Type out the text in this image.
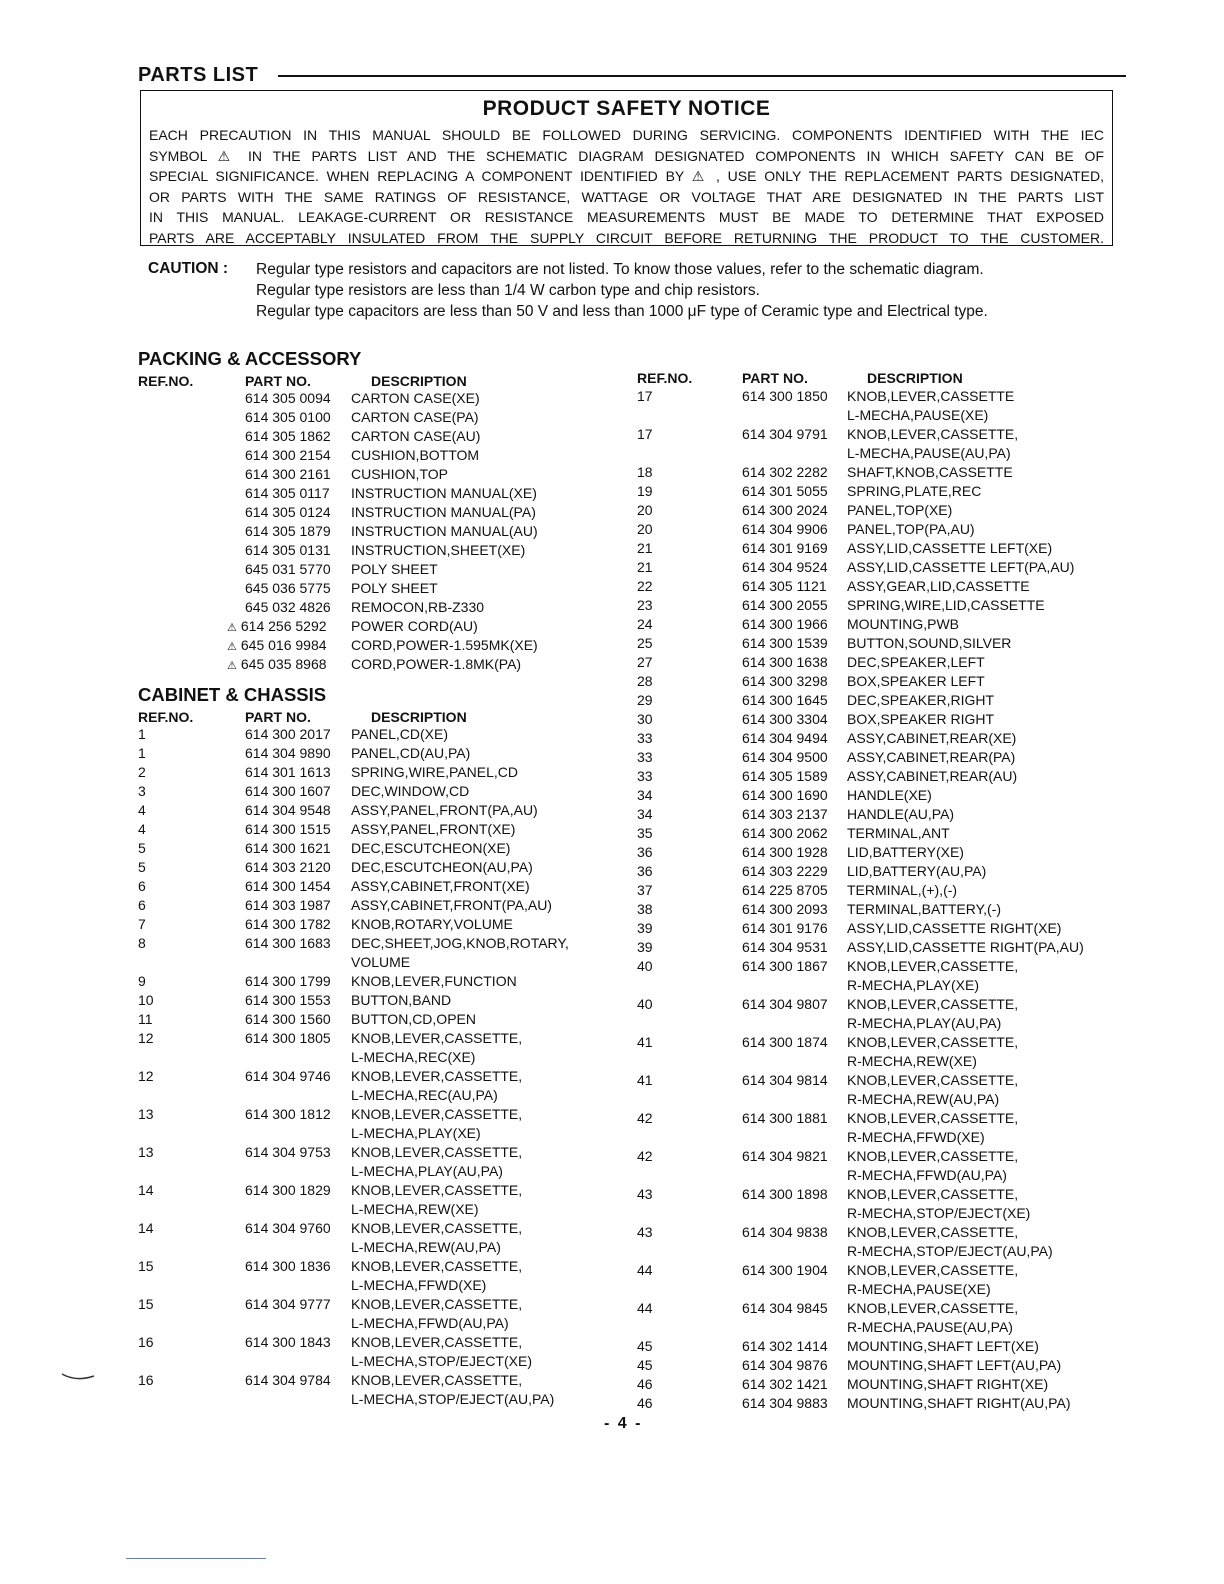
PARTS LIST
PRODUCT SAFETY NOTICE
EACH PRECAUTION IN THIS MANUAL SHOULD BE FOLLOWED DURING SERVICING. COMPONENTS IDENTIFIED WITH THE IEC
SYMBOL ⚠ IN THE PARTS LIST AND THE SCHEMATIC DIAGRAM DESIGNATED COMPONENTS IN WHICH SAFETY CAN BE OF
SPECIAL SIGNIFICANCE. WHEN REPLACING A COMPONENT IDENTIFIED BY ⚠ , USE ONLY THE REPLACEMENT PARTS DESIGNATED,
OR PARTS WITH THE SAME RATINGS OF RESISTANCE, WATTAGE OR VOLTAGE THAT ARE DESIGNATED IN THE PARTS LIST
IN THIS MANUAL. LEAKAGE-CURRENT OR RESISTANCE MEASUREMENTS MUST BE MADE TO DETERMINE THAT EXPOSED
PARTS ARE ACCEPTABLY INSULATED FROM THE SUPPLY CIRCUIT BEFORE RETURNING THE PRODUCT TO THE CUSTOMER.
CAUTION :	Regular type resistors and capacitors are not listed. To know those values, refer to the schematic diagram.
Regular type resistors are less than 1/4 W carbon type and chip resistors.
Regular type capacitors are less than 50 V and less than 1000 μF type of Ceramic type and Electrical type.
PACKING & ACCESSORY
REF.NO.	PART NO.	DESCRIPTION
614 305 0094 CARTON CASE(XE)
614 305 0100 CARTON CASE(PA)
614 305 1862 CARTON CASE(AU)
614 300 2154 CUSHION,BOTTOM
614 300 2161 CUSHION,TOP
614 305 0117 INSTRUCTION MANUAL(XE)
614 305 0124 INSTRUCTION MANUAL(PA)
614 305 1879 INSTRUCTION MANUAL(AU)
614 305 0131 INSTRUCTION,SHEET(XE)
645 031 5770 POLY SHEET
645 036 5775 POLY SHEET
645 032 4826 REMOCON,RB-Z330
⚠ 614 256 5292 POWER CORD(AU)
⚠ 645 016 9984 CORD,POWER-1.595MK(XE)
⚠ 645 035 8968 CORD,POWER-1.8MK(PA)
CABINET & CHASSIS
REF.NO.	PART NO.	DESCRIPTION
1	614 300 2017 PANEL,CD(XE)
1	614 304 9890 PANEL,CD(AU,PA)
2	614 301 1613 SPRING,WIRE,PANEL,CD
3	614 300 1607 DEC,WINDOW,CD
4	614 304 9548 ASSY,PANEL,FRONT(PA,AU)
4	614 300 1515 ASSY,PANEL,FRONT(XE)
5	614 300 1621 DEC,ESCUTCHEON(XE)
5	614 303 2120 DEC,ESCUTCHEON(AU,PA)
6	614 300 1454 ASSY,CABINET,FRONT(XE)
6	614 303 1987 ASSY,CABINET,FRONT(PA,AU)
7	614 300 1782 KNOB,ROTARY,VOLUME
8	614 300 1683 DEC,SHEET,JOG,KNOB,ROTARY,
VOLUME
9	614 300 1799 KNOB,LEVER,FUNCTION
10	614 300 1553 BUTTON,BAND
11	614 300 1560 BUTTON,CD,OPEN
12	614 300 1805 KNOB,LEVER,CASSETTE,
L-MECHA,REC(XE)
12	614 304 9746 KNOB,LEVER,CASSETTE,
L-MECHA,REC(AU,PA)
13	614 300 1812 KNOB,LEVER,CASSETTE,
L-MECHA,PLAY(XE)
13	614 304 9753 KNOB,LEVER,CASSETTE,
L-MECHA,PLAY(AU,PA)
14	614 300 1829 KNOB,LEVER,CASSETTE,
L-MECHA,REW(XE)
14	614 304 9760 KNOB,LEVER,CASSETTE,
L-MECHA,REW(AU,PA)
15	614 300 1836 KNOB,LEVER,CASSETTE,
L-MECHA,FFWD(XE)
15	614 304 9777 KNOB,LEVER,CASSETTE,
L-MECHA,FFWD(AU,PA)
16	614 300 1843 KNOB,LEVER,CASSETTE,
L-MECHA,STOP/EJECT(XE)
16	614 304 9784 KNOB,LEVER,CASSETTE,
L-MECHA,STOP/EJECT(AU,PA)
REF.NO.	PART NO.	DESCRIPTION
17	614 300 1850 KNOB,LEVER,CASSETTE
L-MECHA,PAUSE(XE)
17	614 304 9791 KNOB,LEVER,CASSETTE,
L-MECHA,PAUSE(AU,PA)
18	614 302 2282 SHAFT,KNOB,CASSETTE
19	614 301 5055 SPRING,PLATE,REC
20	614 300 2024 PANEL,TOP(XE)
20	614 304 9906 PANEL,TOP(PA,AU)
21	614 301 9169 ASSY,LID,CASSETTE LEFT(XE)
21	614 304 9524 ASSY,LID,CASSETTE LEFT(PA,AU)
22	614 305 1121 ASSY,GEAR,LID,CASSETTE
23	614 300 2055 SPRING,WIRE,LID,CASSETTE
24	614 300 1966 MOUNTING,PWB
25	614 300 1539 BUTTON,SOUND,SILVER
27	614 300 1638 DEC,SPEAKER,LEFT
28	614 300 3298 BOX,SPEAKER LEFT
29	614 300 1645 DEC,SPEAKER,RIGHT
30	614 300 3304 BOX,SPEAKER RIGHT
33	614 304 9494 ASSY,CABINET,REAR(XE)
33	614 304 9500 ASSY,CABINET,REAR(PA)
33	614 305 1589 ASSY,CABINET,REAR(AU)
34	614 300 1690 HANDLE(XE)
34	614 303 2137 HANDLE(AU,PA)
35	614 300 2062 TERMINAL,ANT
36	614 300 1928 LID,BATTERY(XE)
36	614 303 2229 LID,BATTERY(AU,PA)
37	614 225 8705 TERMINAL,(+),(-)
38	614 300 2093 TERMINAL,BATTERY,(-)
39	614 301 9176 ASSY,LID,CASSETTE RIGHT(XE)
39	614 304 9531 ASSY,LID,CASSETTE RIGHT(PA,AU)
40	614 300 1867 KNOB,LEVER,CASSETTE,
R-MECHA,PLAY(XE)
40	614 304 9807 KNOB,LEVER,CASSETTE,
R-MECHA,PLAY(AU,PA)
41	614 300 1874 KNOB,LEVER,CASSETTE,
R-MECHA,REW(XE)
41	614 304 9814 KNOB,LEVER,CASSETTE,
R-MECHA,REW(AU,PA)
42	614 300 1881 KNOB,LEVER,CASSETTE,
R-MECHA,FFWD(XE)
42	614 304 9821 KNOB,LEVER,CASSETTE,
R-MECHA,FFWD(AU,PA)
43	614 300 1898 KNOB,LEVER,CASSETTE,
R-MECHA,STOP/EJECT(XE)
43	614 304 9838 KNOB,LEVER,CASSETTE,
R-MECHA,STOP/EJECT(AU,PA)
44	614 300 1904 KNOB,LEVER,CASSETTE,
R-MECHA,PAUSE(XE)
44	614 304 9845 KNOB,LEVER,CASSETTE,
R-MECHA,PAUSE(AU,PA)
45	614 302 1414 MOUNTING,SHAFT LEFT(XE)
45	614 304 9876 MOUNTING,SHAFT LEFT(AU,PA)
46	614 302 1421 MOUNTING,SHAFT RIGHT(XE)
46	614 304 9883 MOUNTING,SHAFT RIGHT(AU,PA)
- 4 -
